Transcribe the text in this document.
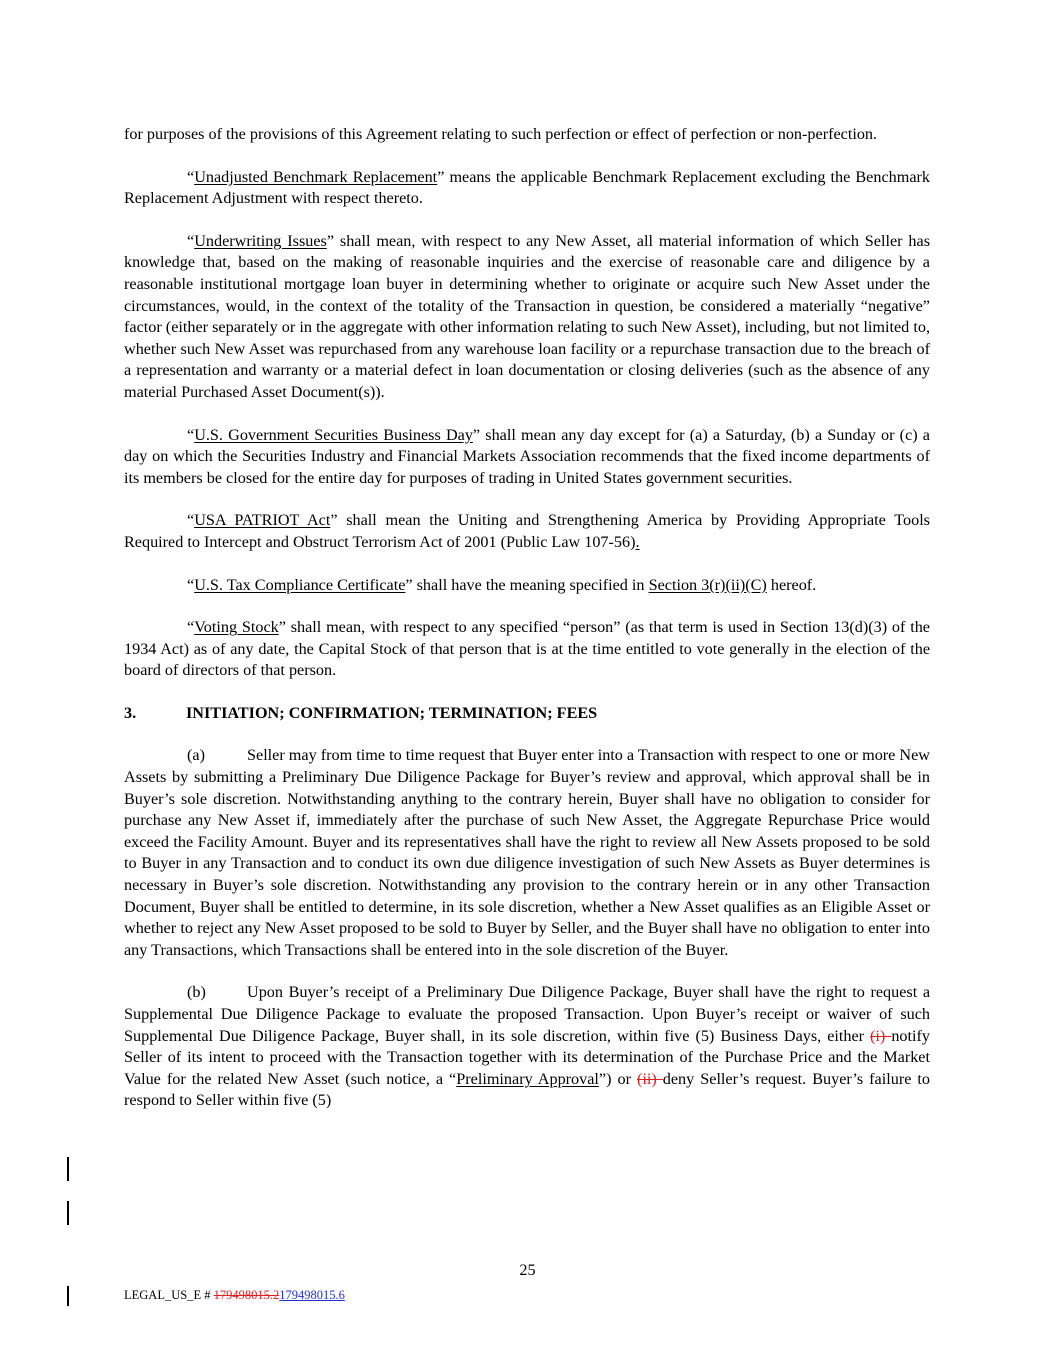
for purposes of the provisions of this Agreement relating to such perfection or effect of perfection or non-perfection.

“Unadjusted Benchmark Replacement” means the applicable Benchmark Replacement excluding the Benchmark Replacement Adjustment with respect thereto.

“Underwriting Issues” shall mean, with respect to any New Asset, all material information of which Seller has knowledge that, based on the making of reasonable inquiries and the exercise of reasonable care and diligence by a reasonable institutional mortgage loan buyer in determining whether to originate or acquire such New Asset under the circumstances, would, in the context of the totality of the Transaction in question, be considered a materially “negative” factor (either separately or in the aggregate with other information relating to such New Asset), including, but not limited to, whether such New Asset was repurchased from any warehouse loan facility or a repurchase transaction due to the breach of a representation and warranty or a material defect in loan documentation or closing deliveries (such as the absence of any material Purchased Asset Document(s)).

“U.S. Government Securities Business Day” shall mean any day except for (a) a Saturday, (b) a Sunday or (c) a day on which the Securities Industry and Financial Markets Association recommends that the fixed income departments of its members be closed for the entire day for purposes of trading in United States government securities.

“USA PATRIOT Act” shall mean the Uniting and Strengthening America by Providing Appropriate Tools Required to Intercept and Obstruct Terrorism Act of 2001 (Public Law 107-56).

“U.S. Tax Compliance Certificate” shall have the meaning specified in Section 3(r)(ii)(C) hereof.

“Voting Stock” shall mean, with respect to any specified “person” (as that term is used in Section 13(d)(3) of the 1934 Act) as of any date, the Capital Stock of that person that is at the time entitled to vote generally in the election of the board of directors of that person.

3.	INITIATION; CONFIRMATION; TERMINATION; FEES

(a)	Seller may from time to time request that Buyer enter into a Transaction with respect to one or more New Assets by submitting a Preliminary Due Diligence Package for Buyer’s review and approval, which approval shall be in Buyer’s sole discretion. Notwithstanding anything to the contrary herein, Buyer shall have no obligation to consider for purchase any New Asset if, immediately after the purchase of such New Asset, the Aggregate Repurchase Price would exceed the Facility Amount. Buyer and its representatives shall have the right to review all New Assets proposed to be sold to Buyer in any Transaction and to conduct its own due diligence investigation of such New Assets as Buyer determines is necessary in Buyer’s sole discretion. Notwithstanding any provision to the contrary herein or in any other Transaction Document, Buyer shall be entitled to determine, in its sole discretion, whether a New Asset qualifies as an Eligible Asset or whether to reject any New Asset proposed to be sold to Buyer by Seller, and the Buyer shall have no obligation to enter into any Transactions, which Transactions shall be entered into in the sole discretion of the Buyer.

(b)	Upon Buyer’s receipt of a Preliminary Due Diligence Package, Buyer shall have the right to request a Supplemental Due Diligence Package to evaluate the proposed Transaction. Upon Buyer’s receipt or waiver of such Supplemental Due Diligence Package, Buyer shall, in its sole discretion, within five (5) Business Days, either (i) notify Seller of its intent to proceed with the Transaction together with its determination of the Purchase Price and the Market Value for the related New Asset (such notice, a “Preliminary Approval”) or (ii) deny Seller’s request. Buyer’s failure to respond to Seller within five (5)

25
LEGAL_US_E # 179498015.2179498015.6
